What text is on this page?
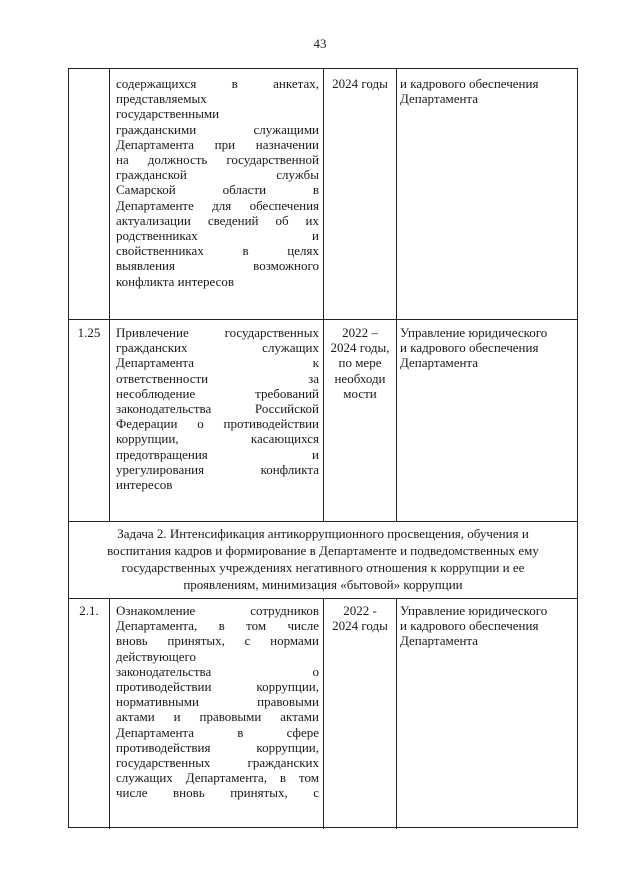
43
содержащихся в анкетах,
представляемых
государственными
гражданскими служащими
Департамента при назначении
на должность государственной
гражданской службы
Самарской области в
Департаменте для обеспечения
актуализации сведений об их
родственниках и
свойственниках в целях
выявления возможного
конфликта интересов
2024 годы и кадрового обеспечения
Департамента
1.25	Привлечение государственных
гражданских служащих
Департамента к
ответственности за
несоблюдение требований
законодательства Российской
Федерации о противодействии
коррупции, касающихся
предотвращения и
урегулирования конфликта
интересов
2022 –
2024 годы,
по мере
необходи
мости
Управление юридического
и кадрового обеспечения
Департамента
Задача 2. Интенсификация антикоррупционного просвещения, обучения и
воспитания кадров и формирование в Департаменте и подведомственных ему
государственных учреждениях негативного отношения к коррупции и ее
проявлениям, минимизация «бытовой» коррупции
2.1.	Ознакомление сотрудников
Департамента, в том числе
вновь принятых, с нормами
действующего
законодательства о
противодействии коррупции,
нормативными правовыми
актами и правовыми актами
Департамента в сфере
противодействия коррупции,
государственных гражданских
служащих Департамента, в том
числе вновь принятых, с
2022 -
2024 годы
Управление юридического
и кадрового обеспечения
Департамента
